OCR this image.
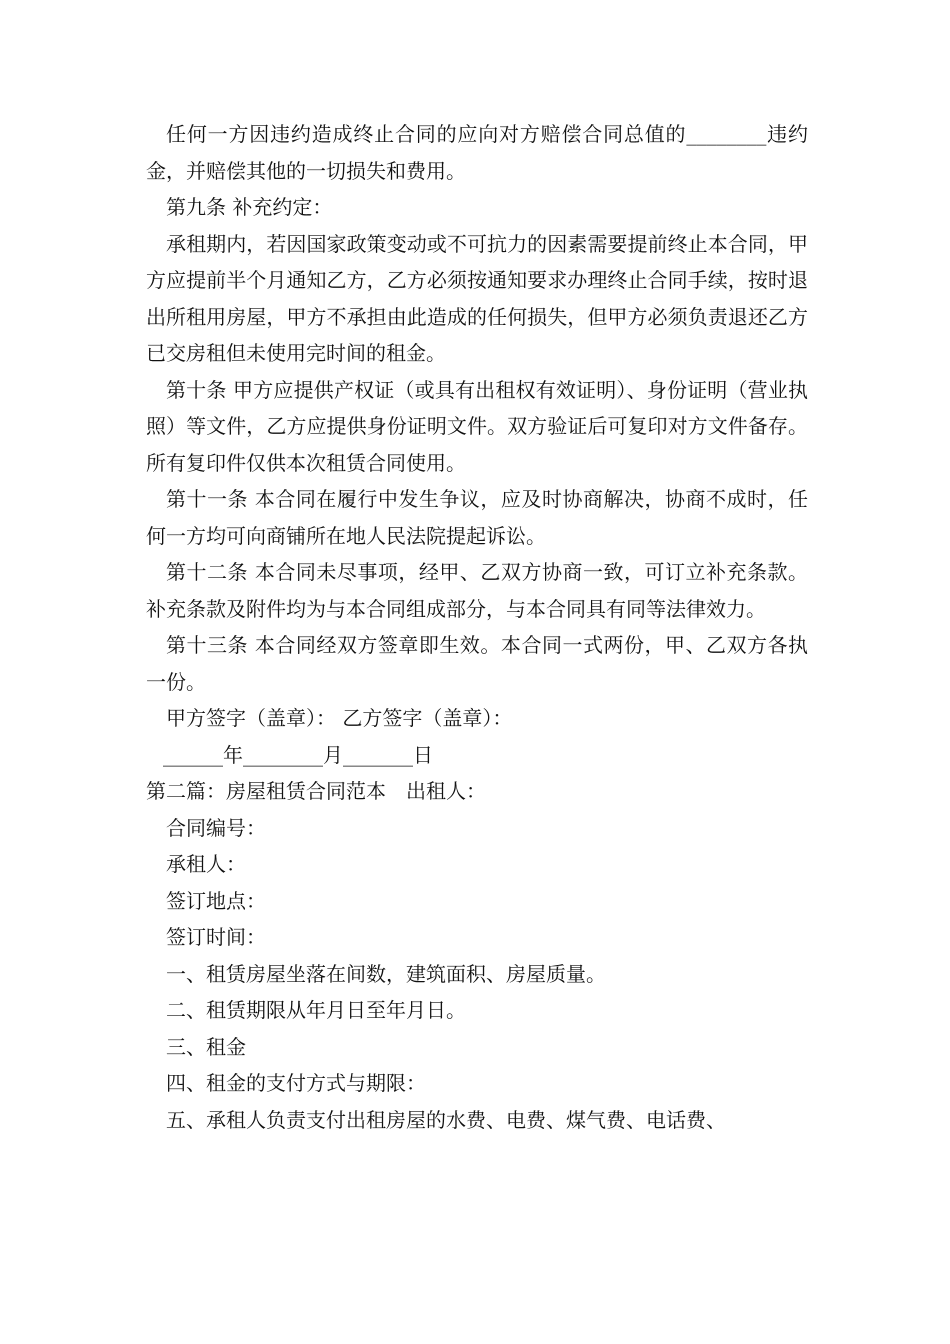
任何一方因违约造成终止合同的应向对方赔偿合同总值的________违约金，并赔偿其他的一切损失和费用。

第九条 补充约定：

承租期内，若因国家政策变动或不可抗力的因素需要提前终止本合同，甲方应提前半个月通知乙方，乙方必须按通知要求办理终止合同手续，按时退出所租用房屋，甲方不承担由此造成的任何损失，但甲方必须负责退还乙方已交房租但未使用完时间的租金。

第十条 甲方应提供产权证（或具有出租权有效证明）、身份证明（营业执照）等文件，乙方应提供身份证明文件。双方验证后可复印对方文件备存。所有复印件仅供本次租赁合同使用。

第十一条 本合同在履行中发生争议，应及时协商解决，协商不成时，任何一方均可向商铺所在地人民法院提起诉讼。

第十二条 本合同未尽事项，经甲、乙双方协商一致，可订立补充条款。补充条款及附件均为与本合同组成部分，与本合同具有同等法律效力。

第十三条 本合同经双方签章即生效。本合同一式两份，甲、乙双方各执一份。

甲方签字（盖章）： 乙方签字（盖章）：

______年________月_______日

第二篇：房屋租赁合同范本　出租人：

合同编号：

承租人：

签订地点：

签订时间：

一、租赁房屋坐落在间数，建筑面积、房屋质量。

二、租赁期限从年月日至年月日。

三、租金

四、租金的支付方式与期限：

五、承租人负责支付出租房屋的水费、电费、煤气费、电话费、
